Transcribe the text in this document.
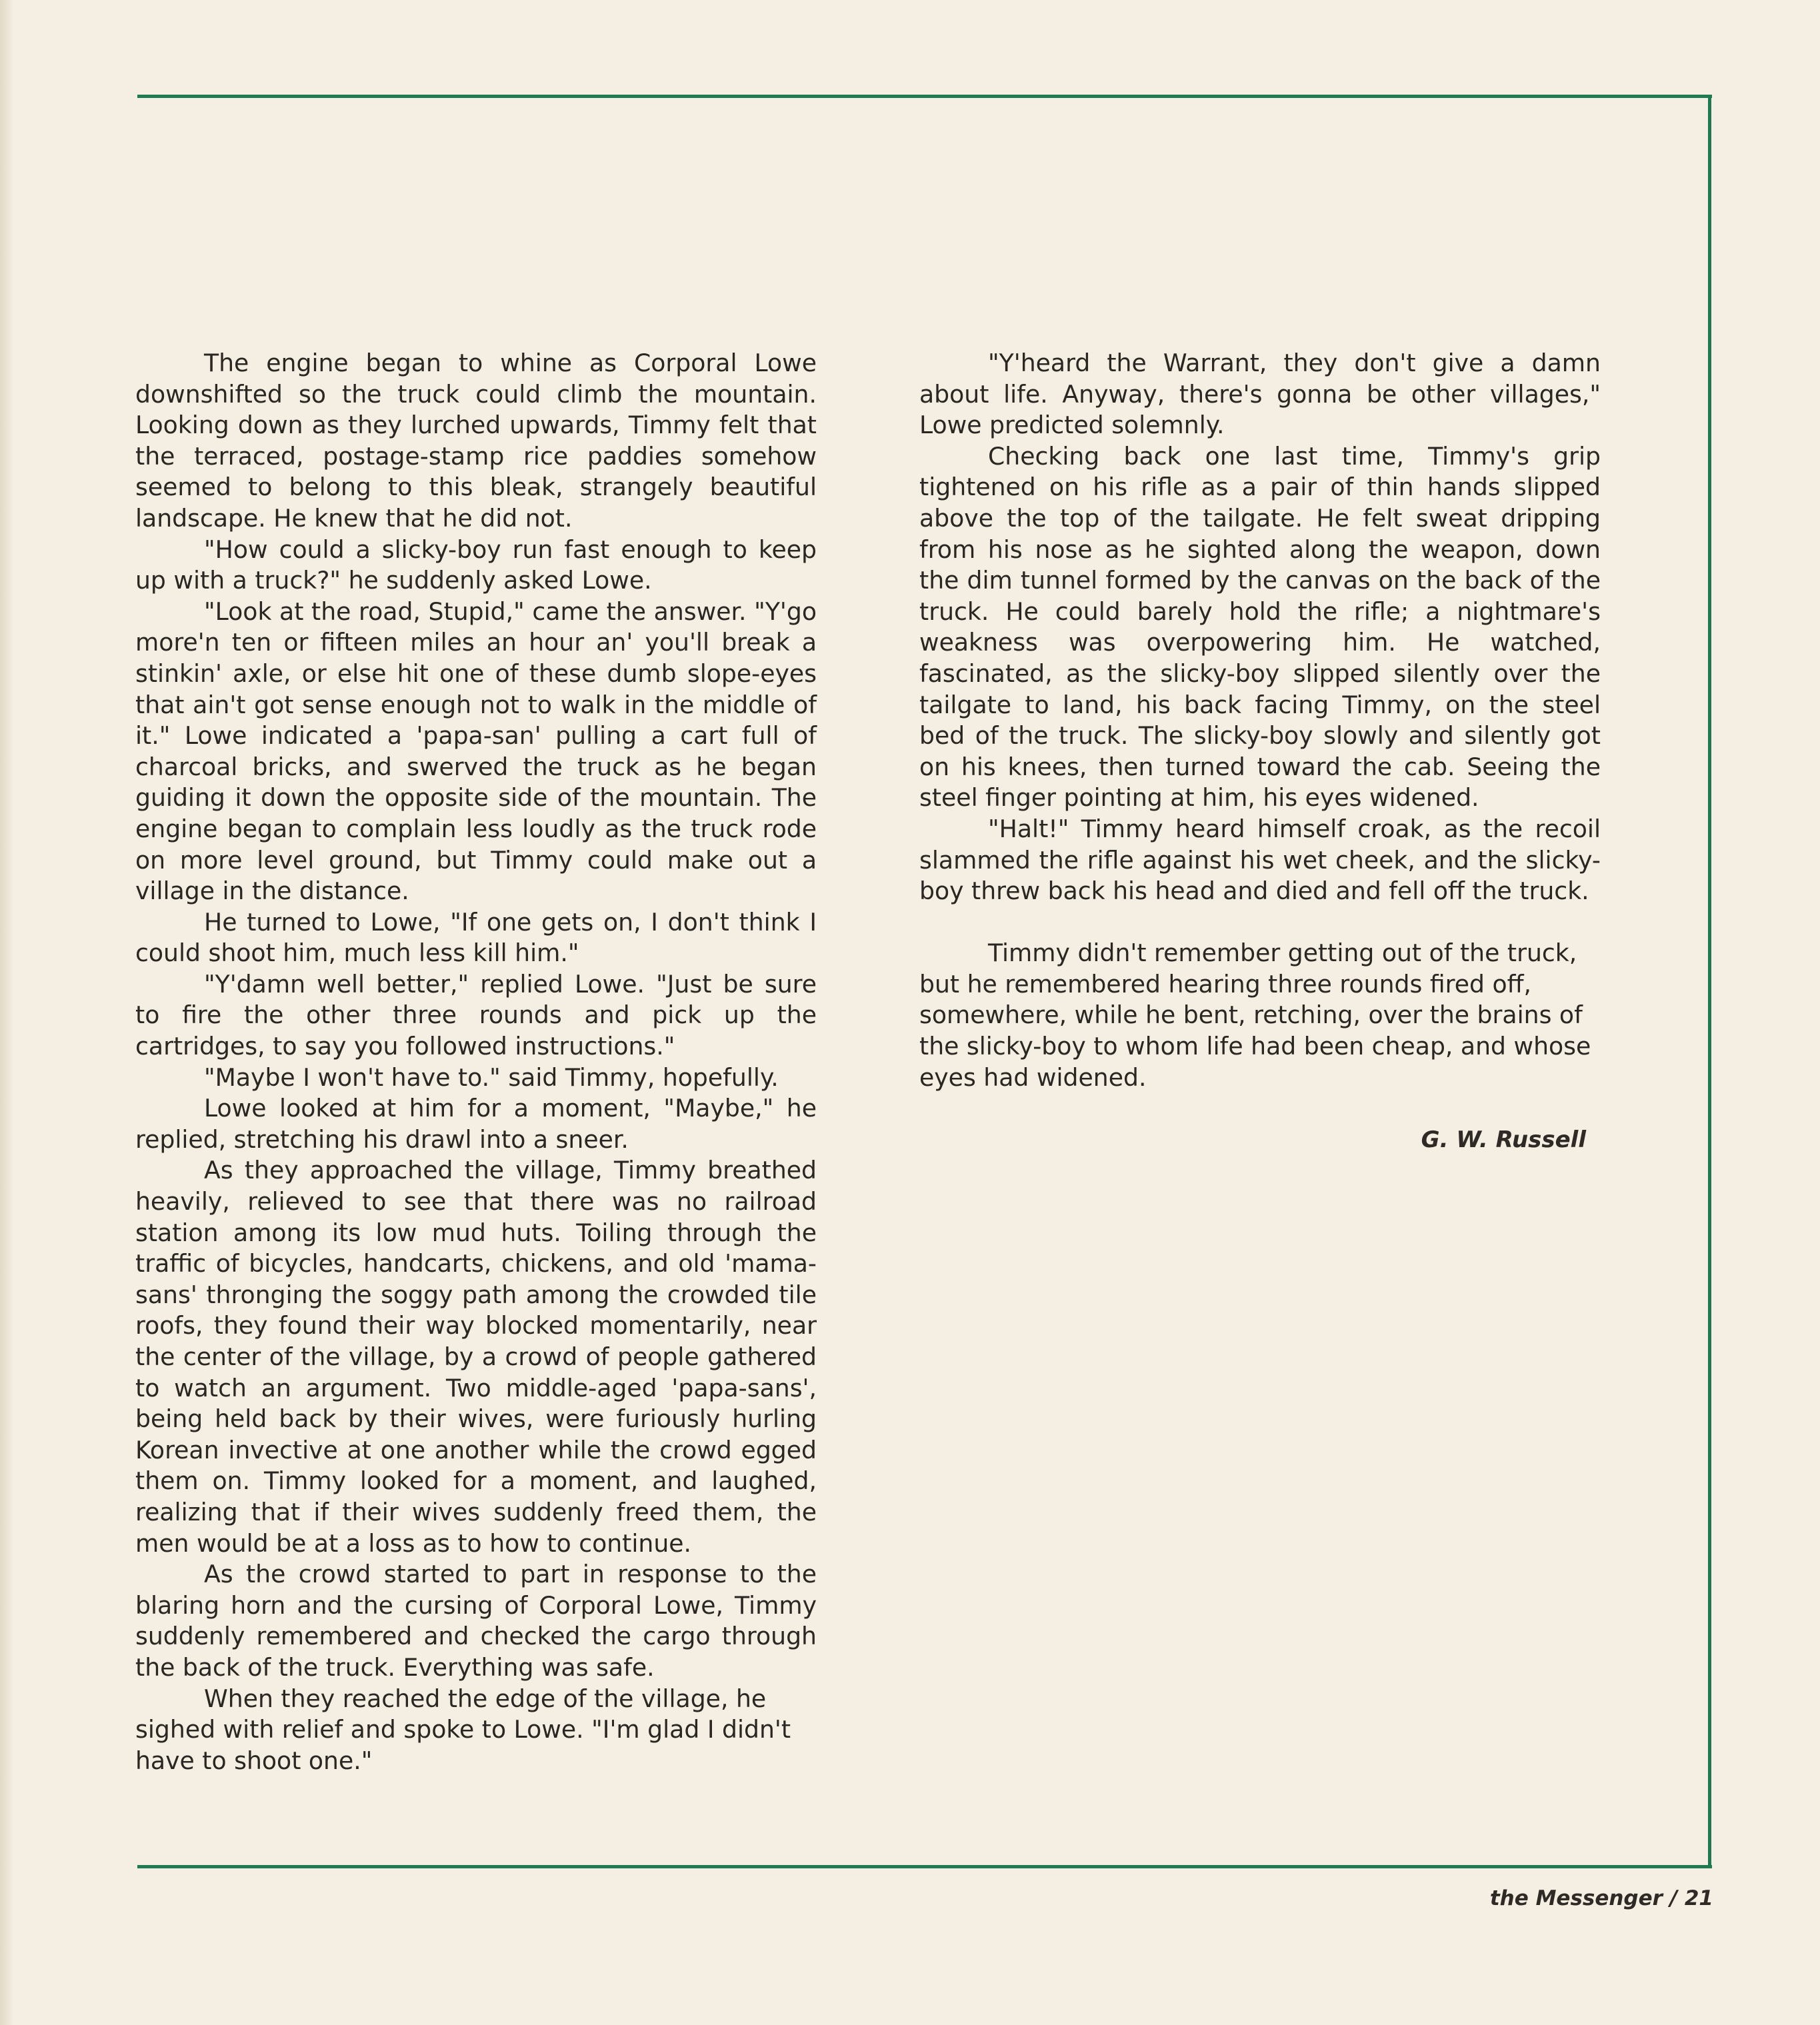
The engine began to whine as Corporal Lowe downshifted so the truck could climb the mountain. Looking down as they lurched upwards, Timmy felt that the terraced, postage-stamp rice paddies somehow seemed to belong to this bleak, strangely beautiful landscape. He knew that he did not.

"How could a slicky-boy run fast enough to keep up with a truck?" he suddenly asked Lowe.

"Look at the road, Stupid," came the answer. "Y'go more'n ten or fifteen miles an hour an' you'll break a stinkin' axle, or else hit one of these dumb slope-eyes that ain't got sense enough not to walk in the middle of it." Lowe indicated a 'papa-san' pulling a cart full of charcoal bricks, and swerved the truck as he began guiding it down the opposite side of the mountain. The engine began to complain less loudly as the truck rode on more level ground, but Timmy could make out a village in the distance.

He turned to Lowe, "If one gets on, I don't think I could shoot him, much less kill him."

"Y'damn well better," replied Lowe. "Just be sure to fire the other three rounds and pick up the cartridges, to say you followed instructions."

"Maybe I won't have to." said Timmy, hopefully.

Lowe looked at him for a moment, "Maybe," he replied, stretching his drawl into a sneer.

As they approached the village, Timmy breathed heavily, relieved to see that there was no railroad station among its low mud huts. Toiling through the traffic of bicycles, handcarts, chickens, and old 'mama-sans' thronging the soggy path among the crowded tile roofs, they found their way blocked momentarily, near the center of the village, by a crowd of people gathered to watch an argument. Two middle-aged 'papa-sans', being held back by their wives, were furiously hurling Korean invective at one another while the crowd egged them on. Timmy looked for a moment, and laughed, realizing that if their wives suddenly freed them, the men would be at a loss as to how to continue.

As the crowd started to part in response to the blaring horn and the cursing of Corporal Lowe, Timmy suddenly remembered and checked the cargo through the back of the truck. Everything was safe.

When they reached the edge of the village, he sighed with relief and spoke to Lowe. "I'm glad I didn't have to shoot one."

"Y'heard the Warrant, they don't give a damn about life. Anyway, there's gonna be other villages," Lowe predicted solemnly.

Checking back one last time, Timmy's grip tightened on his rifle as a pair of thin hands slipped above the top of the tailgate. He felt sweat dripping from his nose as he sighted along the weapon, down the dim tunnel formed by the canvas on the back of the truck. He could barely hold the rifle; a nightmare's weakness was overpowering him. He watched, fascinated, as the slicky-boy slipped silently over the tailgate to land, his back facing Timmy, on the steel bed of the truck. The slicky-boy slowly and silently got on his knees, then turned toward the cab. Seeing the steel finger pointing at him, his eyes widened.

"Halt!" Timmy heard himself croak, as the recoil slammed the rifle against his wet cheek, and the slicky-boy threw back his head and died and fell off the truck.

Timmy didn't remember getting out of the truck, but he remembered hearing three rounds fired off, somewhere, while he bent, retching, over the brains of the slicky-boy to whom life had been cheap, and whose eyes had widened.

G. W. Russell

the Messenger / 21
